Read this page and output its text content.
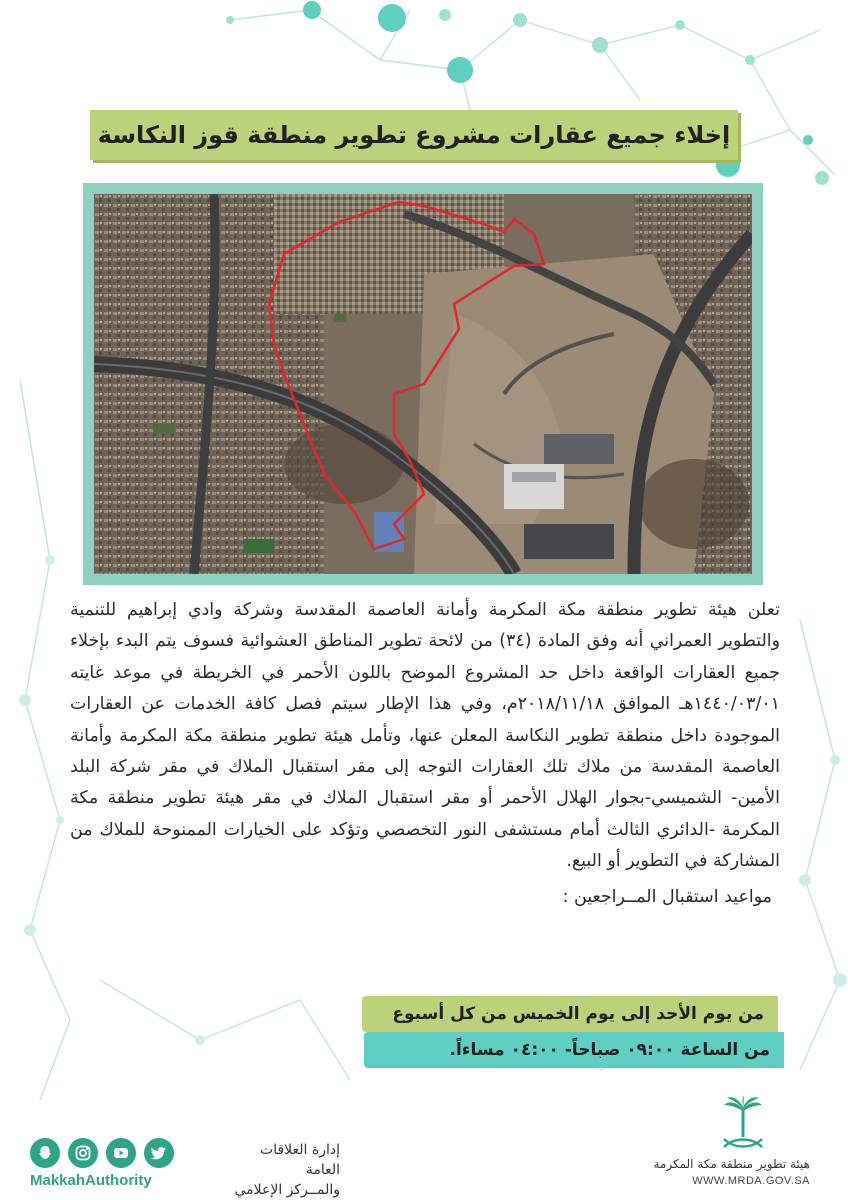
إخلاء جميع عقارات مشروع تطوير منطقة قوز النكاسة

تعلن هيئة تطوير منطقة مكة المكرمة وأمانة العاصمة المقدسة وشركة وادي إبراهيم للتنمية والتطوير العمراني أنه وفق المادة (٣٤) من لائحة تطوير المناطق العشوائية فسوف يتم البدء بإخلاء جميع العقارات الواقعة داخل حد المشروع الموضح باللون الأحمر في الخريطة في موعد غايته ١٤٤٠/٠٣/٠١هـ الموافق ٢٠١٨/١١/١٨م، وفي هذا الإطار سيتم فصل كافة الخدمات عن العقارات الموجودة داخل منطقة تطوير النكاسة المعلن عنها، وتأمل هيئة تطوير منطقة مكة المكرمة وأمانة العاصمة المقدسة من ملاك تلك العقارات التوجه إلى مقر استقبال الملاك في مقر شركة البلد الأمين- الشميسي-بجوار الهلال الأحمر أو مقر استقبال الملاك في مقر هيئة تطوير منطقة مكة المكرمة -الدائري الثالث أمام مستشفى النور التخصصي وتؤكد على الخيارات الممنوحة للملاك من المشاركة في التطوير أو البيع.

مواعيد استقبال المــراجعين :

من يوم الأحد إلى يوم الخميس من كل أسبوع
من الساعة ٠٩:٠٠ صباحاً- ٠٤:٠٠ مساءاً.
MakkahAuthority
إدارة العلاقات العامة
والمــركز الإعلامي
هيئة تطوير منطقة مكة المكرمة
WWW.MRDA.GOV.SA
